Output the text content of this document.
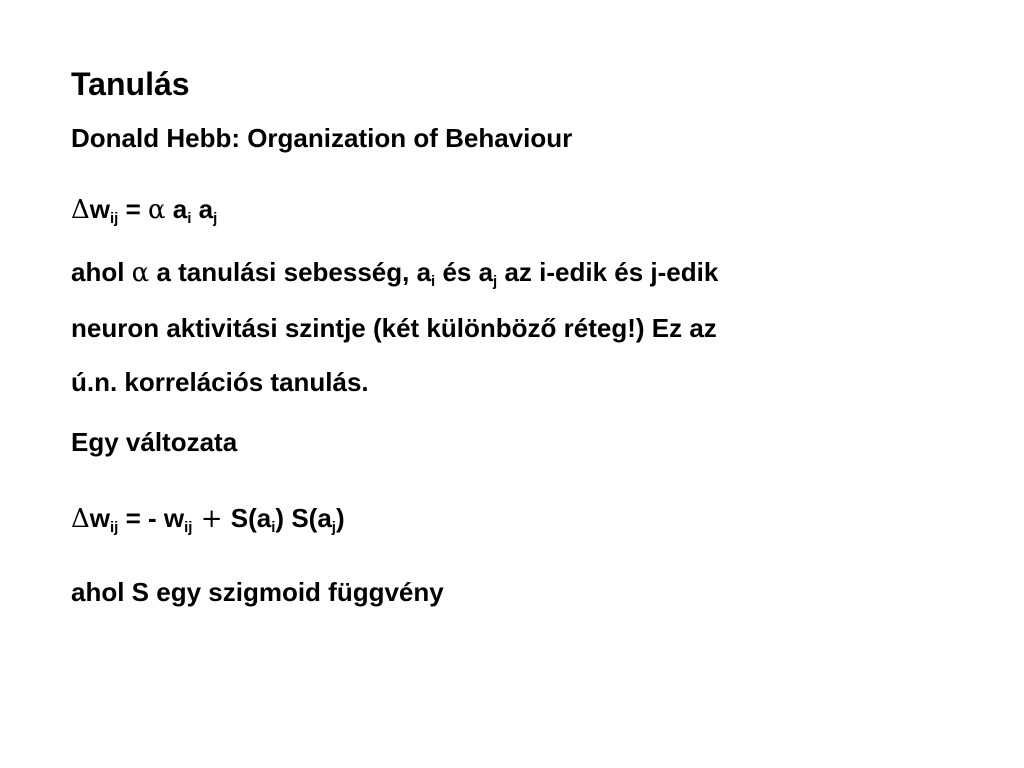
Tanulás
Donald Hebb: Organization of Behaviour
$\Delta w_{ij} = \alpha$ $a_i$ $a_j$
ahol α a tanulási sebesség, $a_i$ és $a_j$ az i-edik és j-edik
neuron aktivitási szintje (két különböző réteg!) Ez az
ú.n. korrelációs tanulás.
Egy változata
$\Delta w_{ij}$ = - $w_{ij} + S(a_i)$ $S(a_j)$
ahol S egy szigmoid függvény
